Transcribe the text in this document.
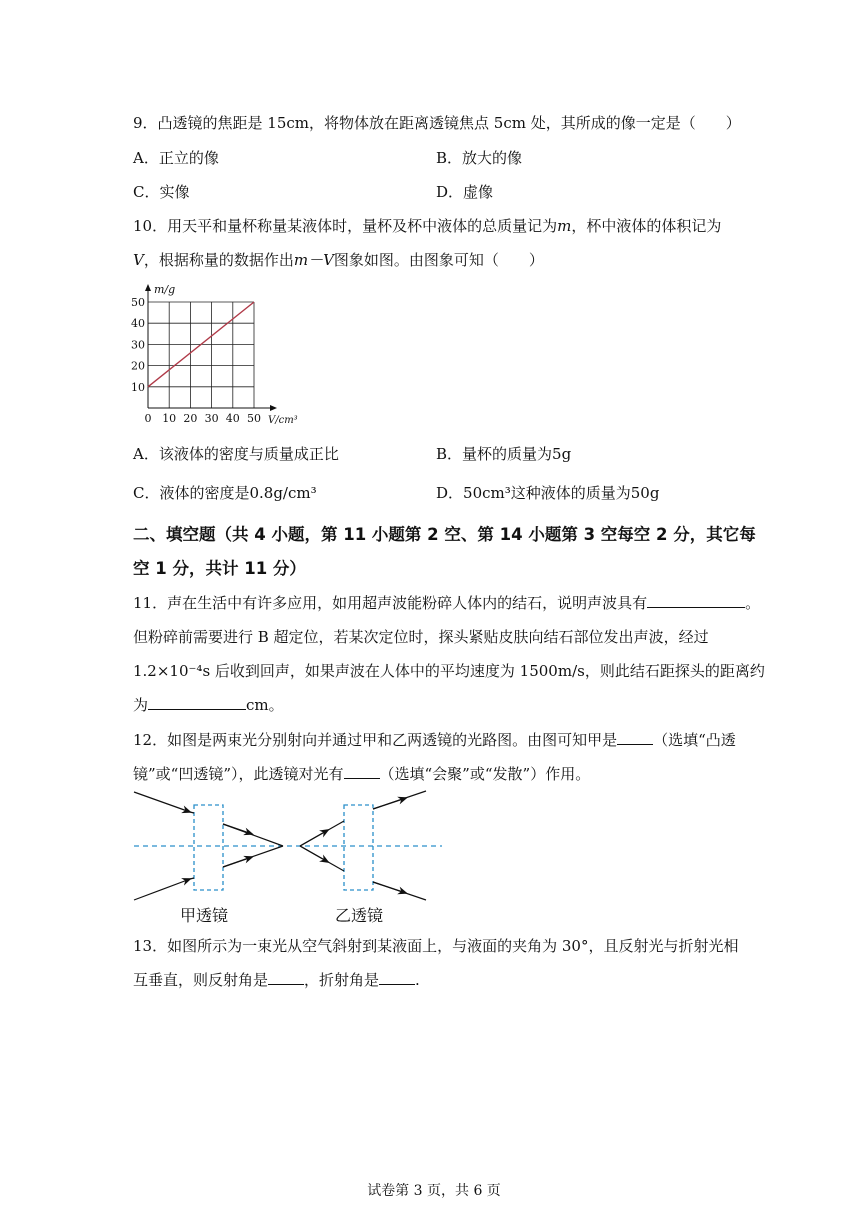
9．凸透镜的焦距是 15cm，将物体放在距离透镜焦点 5cm 处，其所成的像一定是（　　）
A．正立的像	B．放大的像
C．实像	D．虚像
10．用天平和量杯称量某液体时，量杯及杯中液体的总质量记为m，杯中液体的体积记为
V，根据称量的数据作出m－V图象如图。由图象可知（　　）
0 10 20 30 40 50
10
20
30
40
50
m/g
V/cm³
A．该液体的密度与质量成正比	B．量杯的质量为5g
C．液体的密度是0.8g/cm³	D．50cm³这种液体的质量为50g
二、填空题（共 4 小题，第 11 小题第 2 空、第 14 小题第 3 空每空 2 分，其它每
空 1 分，共计 11 分）
11．声在生活中有许多应用，如用超声波能粉碎人体内的结石，说明声波具有	。
但粉碎前需要进行 B 超定位，若某次定位时，探头紧贴皮肤向结石部位发出声波，经过
1.2×10⁻⁴s 后收到回声，如果声波在人体中的平均速度为 1500m/s，则此结石距探头的距离约
为	cm。
12．如图是两束光分别射向并通过甲和乙两透镜的光路图。由图可知甲是 （选填“凸透
镜”或“凹透镜”），此透镜对光有 （选填“会聚”或“发散”）作用。
甲透镜	乙透镜
13．如图所示为一束光从空气斜射到某液面上，与液面的夹角为 30°，且反射光与折射光相
互垂直，则反射角是 ，折射角是 .
试卷第 3 页，共 6 页
